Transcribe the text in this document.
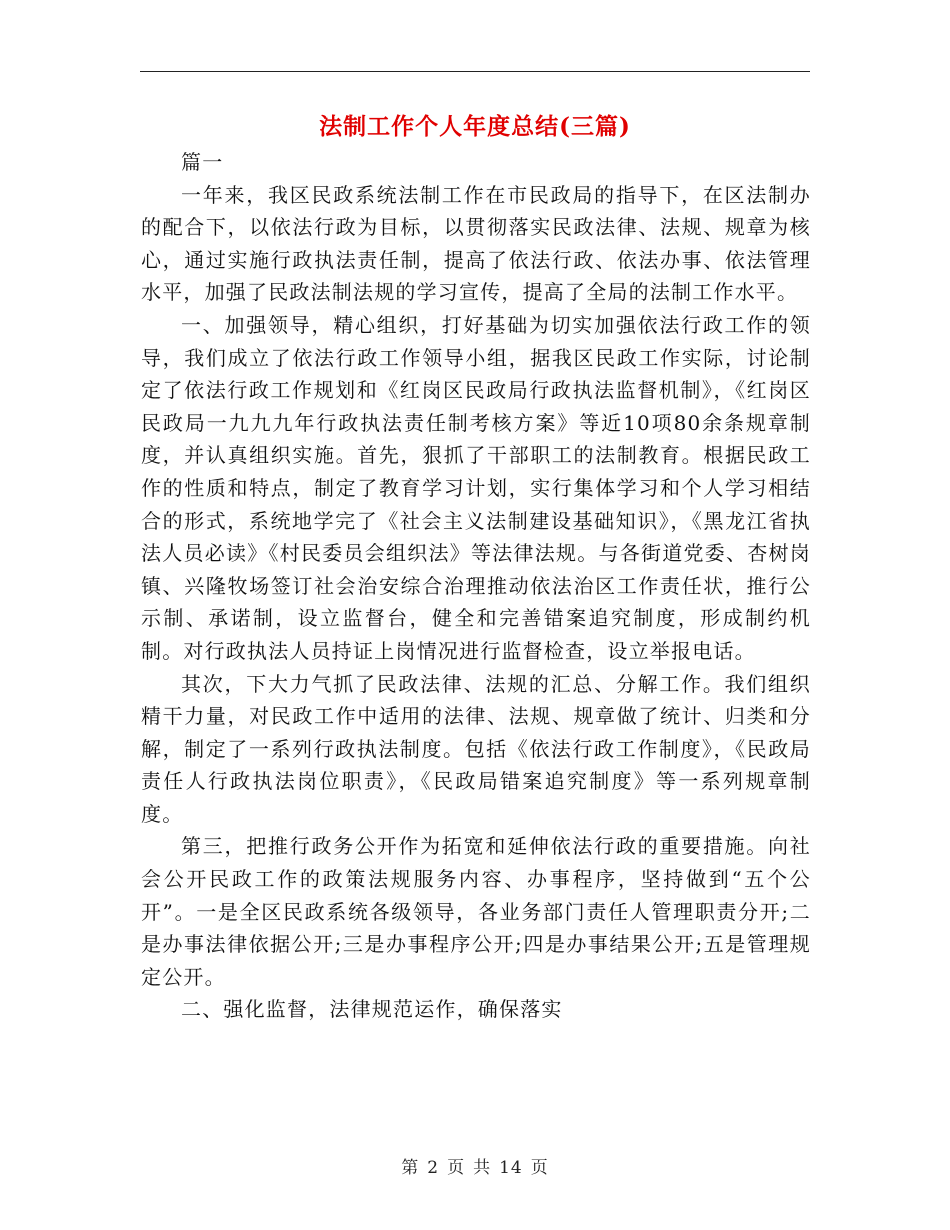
法制工作个人年度总结(三篇)

篇一

一年来，我区民政系统法制工作在市民政局的指导下，在区法制办的配合下，以依法行政为目标，以贯彻落实民政法律、法规、规章为核心，通过实施行政执法责任制，提高了依法行政、依法办事、依法管理水平，加强了民政法制法规的学习宣传，提高了全局的法制工作水平。

一、加强领导，精心组织，打好基础为切实加强依法行政工作的领导，我们成立了依法行政工作领导小组，据我区民政工作实际，讨论制定了依法行政工作规划和《红岗区民政局行政执法监督机制》，《红岗区民政局一九九九年行政执法责任制考核方案》等近10项80余条规章制度，并认真组织实施。首先，狠抓了干部职工的法制教育。根据民政工作的性质和特点，制定了教育学习计划，实行集体学习和个人学习相结合的形式，系统地学完了《社会主义法制建设基础知识》，《黑龙江省执法人员必读》《村民委员会组织法》等法律法规。与各街道党委、杏树岗镇、兴隆牧场签订社会治安综合治理推动依法治区工作责任状，推行公示制、承诺制，设立监督台，健全和完善错案追究制度，形成制约机制。对行政执法人员持证上岗情况进行监督检查，设立举报电话。

其次，下大力气抓了民政法律、法规的汇总、分解工作。我们组织精干力量，对民政工作中适用的法律、法规、规章做了统计、归类和分解，制定了一系列行政执法制度。包括《依法行政工作制度》，《民政局责任人行政执法岗位职责》，《民政局错案追究制度》等一系列规章制度。

第三，把推行政务公开作为拓宽和延伸依法行政的重要措施。向社会公开民政工作的政策法规服务内容、办事程序，坚持做到“五个公开”。一是全区民政系统各级领导，各业务部门责任人管理职责分开;二是办事法律依据公开;三是办事程序公开;四是办事结果公开;五是管理规定公开。

二、强化监督，法律规范运作，确保落实

第 2 页 共 14 页
